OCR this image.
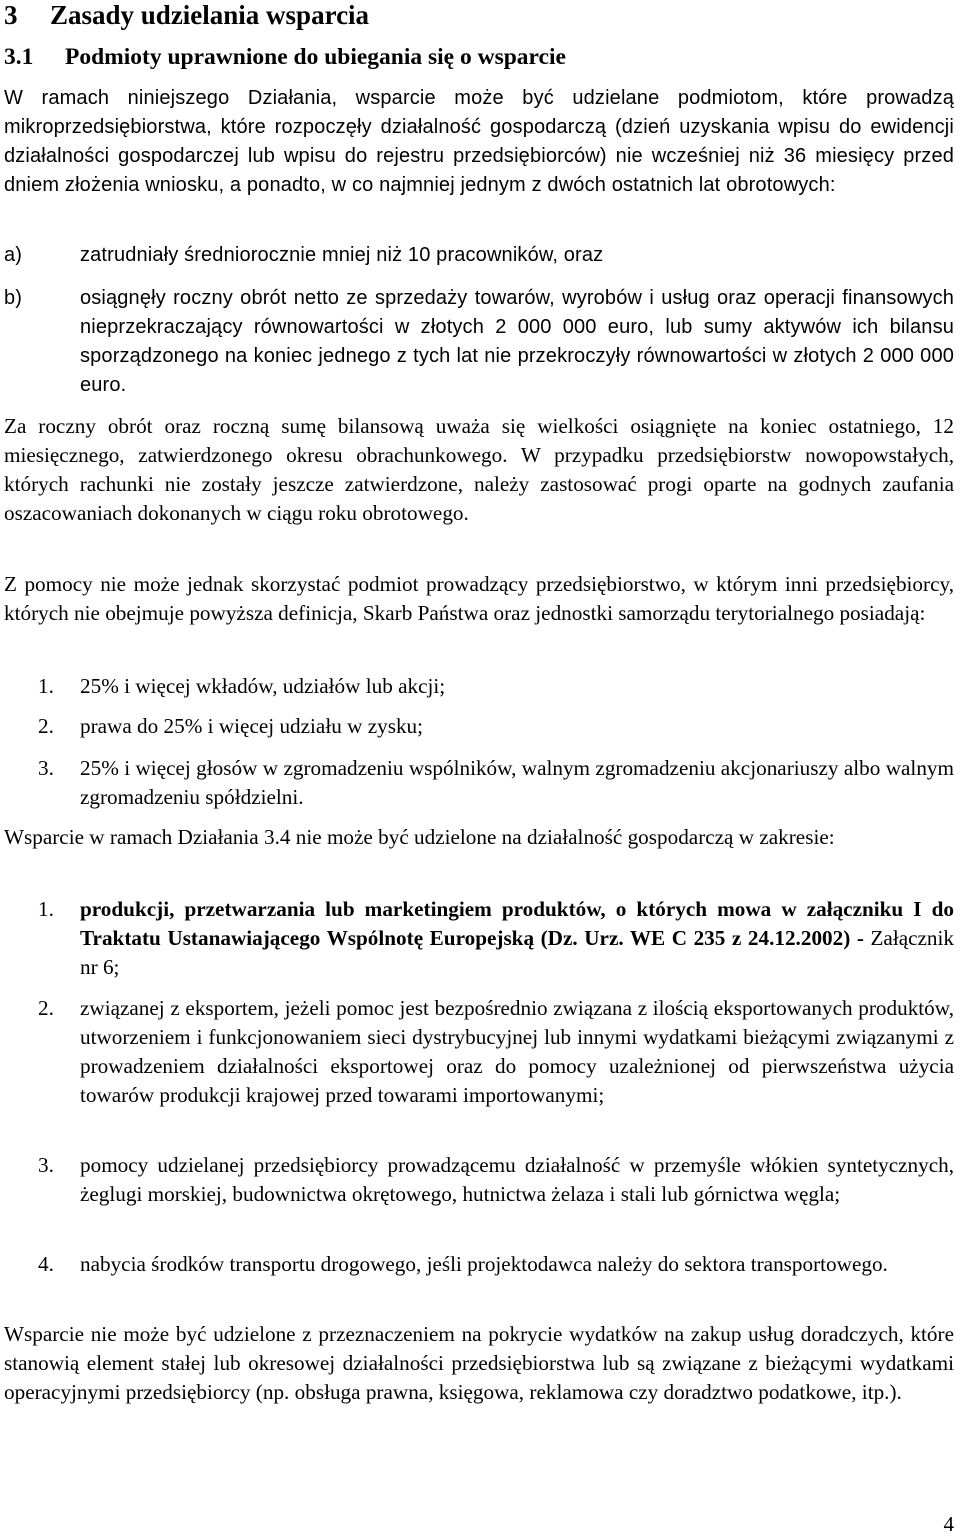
3 Zasady udzielania wsparcia
3.1 Podmioty uprawnione do ubiegania się o wsparcie

W ramach niniejszego Działania, wsparcie może być udzielane podmiotom, które prowadzą mikroprzedsiębiorstwa, które rozpoczęły działalność gospodarczą (dzień uzyskania wpisu do ewidencji działalności gospodarczej lub wpisu do rejestru przedsiębiorców) nie wcześniej niż 36 miesięcy przed dniem złożenia wniosku, a ponadto, w co najmniej jednym z dwóch ostatnich lat obrotowych:

a)	zatrudniały średniorocznie mniej niż 10 pracowników, oraz

b)	osiągnęły roczny obrót netto ze sprzedaży towarów, wyrobów i usług oraz operacji finansowych nieprzekraczający równowartości w złotych 2 000 000 euro, lub sumy aktywów ich bilansu sporządzonego na koniec jednego z tych lat nie przekroczyły równowartości w złotych 2 000 000 euro.

Za roczny obrót oraz roczną sumę bilansową uważa się wielkości osiągnięte na koniec ostatniego, 12 miesięcznego, zatwierdzonego okresu obrachunkowego. W przypadku przedsiębiorstw nowopowstałych, których rachunki nie zostały jeszcze zatwierdzone, należy zastosować progi oparte na godnych zaufania oszacowaniach dokonanych w ciągu roku obrotowego.

Z pomocy nie może jednak skorzystać podmiot prowadzący przedsiębiorstwo, w którym inni przedsiębiorcy, których nie obejmuje powyższa definicja, Skarb Państwa oraz jednostki samorządu terytorialnego posiadają:

1. 25% i więcej wkładów, udziałów lub akcji;

2. prawa do 25% i więcej udziału w zysku;

3. 25% i więcej głosów w zgromadzeniu wspólników, walnym zgromadzeniu akcjonariuszy albo walnym zgromadzeniu spółdzielni.

Wsparcie w ramach Działania 3.4 nie może być udzielone na działalność gospodarczą w zakresie:

1. produkcji, przetwarzania lub marketingiem produktów, o których mowa w załączniku I do Traktatu Ustanawiającego Wspólnotę Europejską (Dz. Urz. WE C 235 z 24.12.2002) - Załącznik nr 6;

2. związanej z eksportem, jeżeli pomoc jest bezpośrednio związana z ilością eksportowanych produktów, utworzeniem i funkcjonowaniem sieci dystrybucyjnej lub innymi wydatkami bieżącymi związanymi z prowadzeniem działalności eksportowej oraz do pomocy uzależnionej od pierwszeństwa użycia towarów produkcji krajowej przed towarami importowanymi;

3. pomocy udzielanej przedsiębiorcy prowadzącemu działalność w przemyśle włókien syntetycznych, żeglugi morskiej, budownictwa okrętowego, hutnictwa żelaza i stali lub górnictwa węgla;

4. nabycia środków transportu drogowego, jeśli projektodawca należy do sektora transportowego.

Wsparcie nie może być udzielone z przeznaczeniem na pokrycie wydatków na zakup usług doradczych, które stanowią element stałej lub okresowej działalności przedsiębiorstwa lub są związane z bieżącymi wydatkami operacyjnymi przedsiębiorcy (np. obsługa prawna, księgowa, reklamowa czy doradztwo podatkowe, itp.).

4
